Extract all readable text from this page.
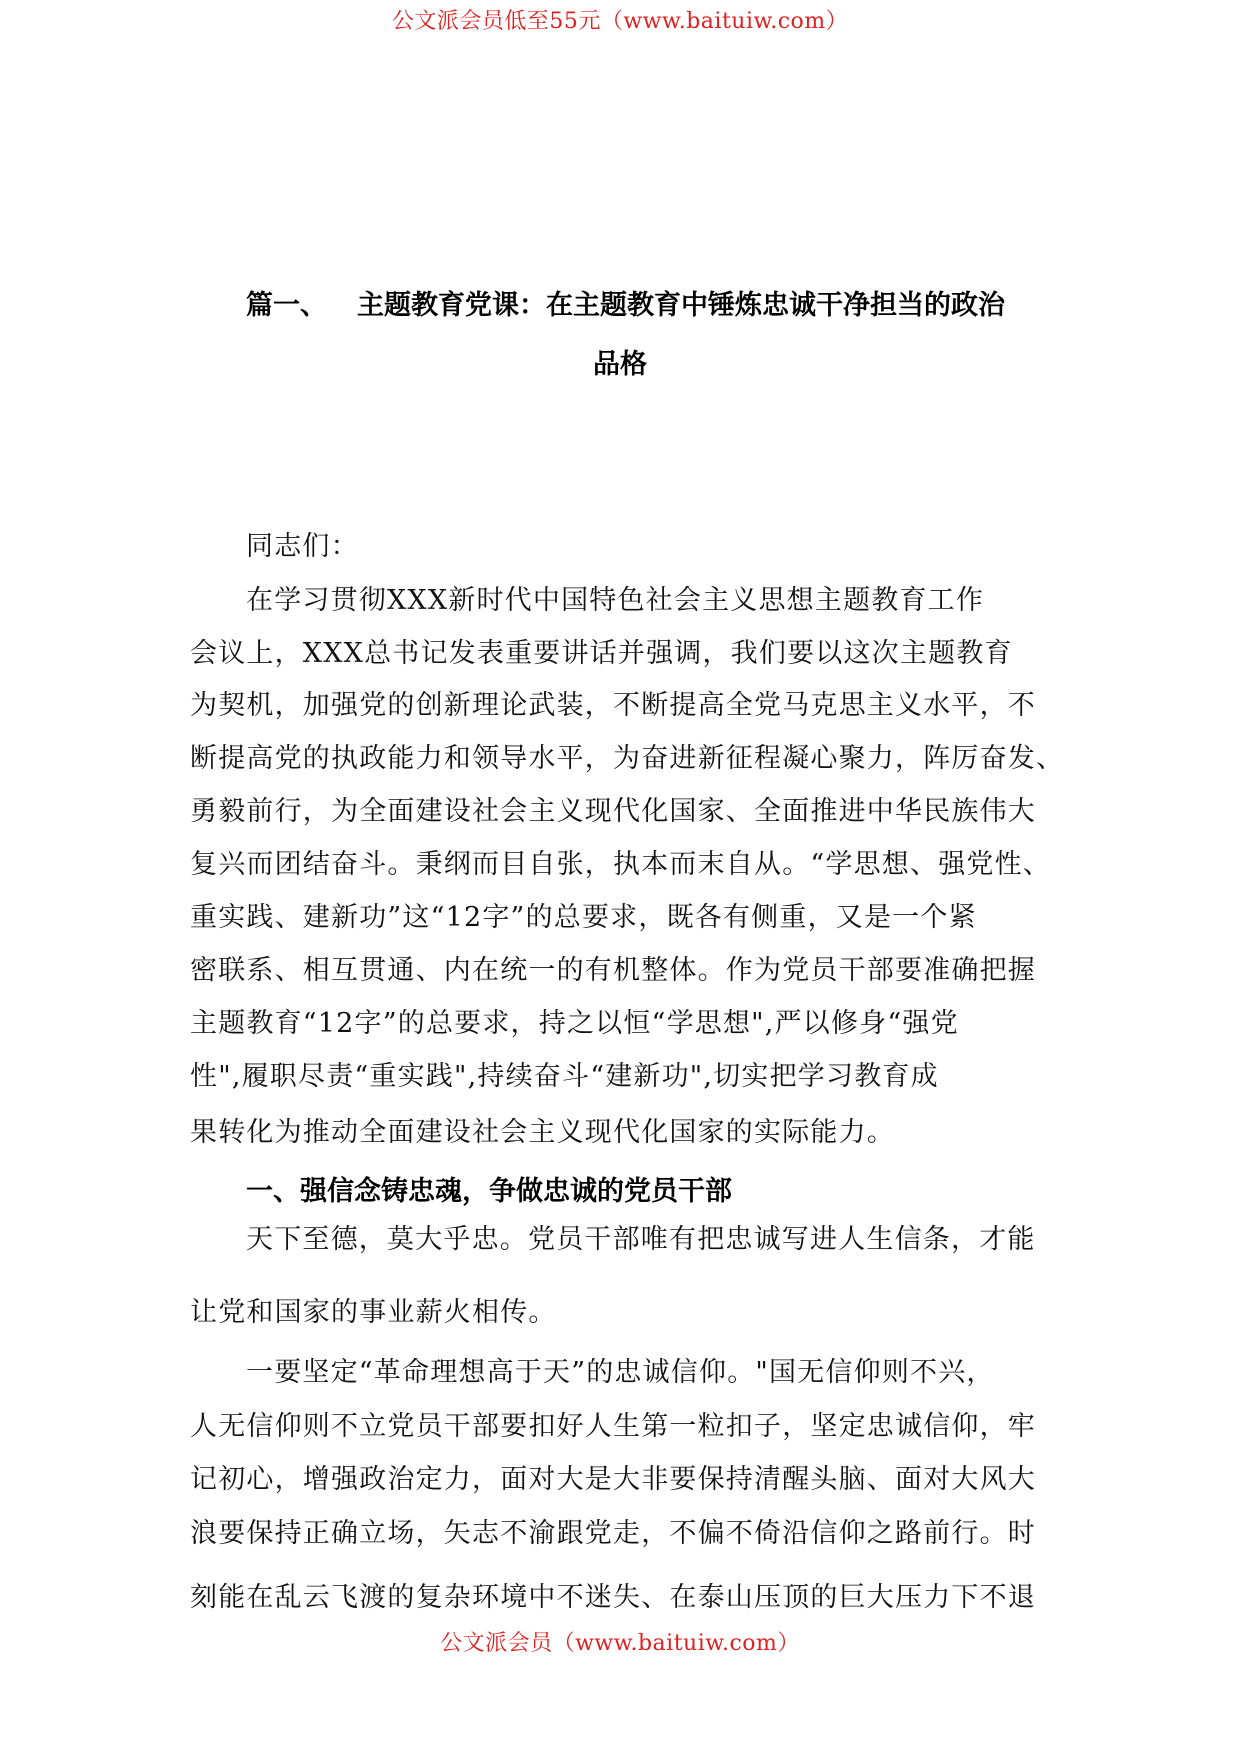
公文派会员低至55元（www.baituiw.com）
篇一、 主题教育党课：在主题教育中锤炼忠诚干净担当的政治
品格
同志们：
在学习贯彻XXX新时代中国特色社会主义思想主题教育工作
会议上，XXX总书记发表重要讲话并强调，我们要以这次主题教育
为契机，加强党的创新理论武装，不断提高全党马克思主义水平，不
断提高党的执政能力和领导水平，为奋进新征程凝心聚力，阵厉奋发、
勇毅前行，为全面建设社会主义现代化国家、全面推进中华民族伟大
复兴而团结奋斗。秉纲而目自张，执本而末自从。“学思想、强党性、
重实践、建新功”这“12字”的总要求，既各有侧重，又是一个紧
密联系、相互贯通、内在统一的有机整体。作为党员干部要准确把握
主题教育“12字”的总要求，持之以恒“学思想",严以修身“强党
性",履职尽责“重实践",持续奋斗“建新功",切实把学习教育成
果转化为推动全面建设社会主义现代化国家的实际能力。
一、强信念铸忠魂，争做忠诚的党员干部
天下至德，莫大乎忠。党员干部唯有把忠诚写进人生信条，才能
让党和国家的事业薪火相传。
一要坚定“革命理想高于天”的忠诚信仰。"国无信仰则不兴，
人无信仰则不立党员干部要扣好人生第一粒扣子，坚定忠诚信仰，牢
记初心，增强政治定力，面对大是大非要保持清醒头脑、面对大风大
浪要保持正确立场，矢志不渝跟党走，不偏不倚沿信仰之路前行。时
刻能在乱云飞渡的复杂环境中不迷失、在泰山压顶的巨大压力下不退
公文派会员（www.baituiw.com）
